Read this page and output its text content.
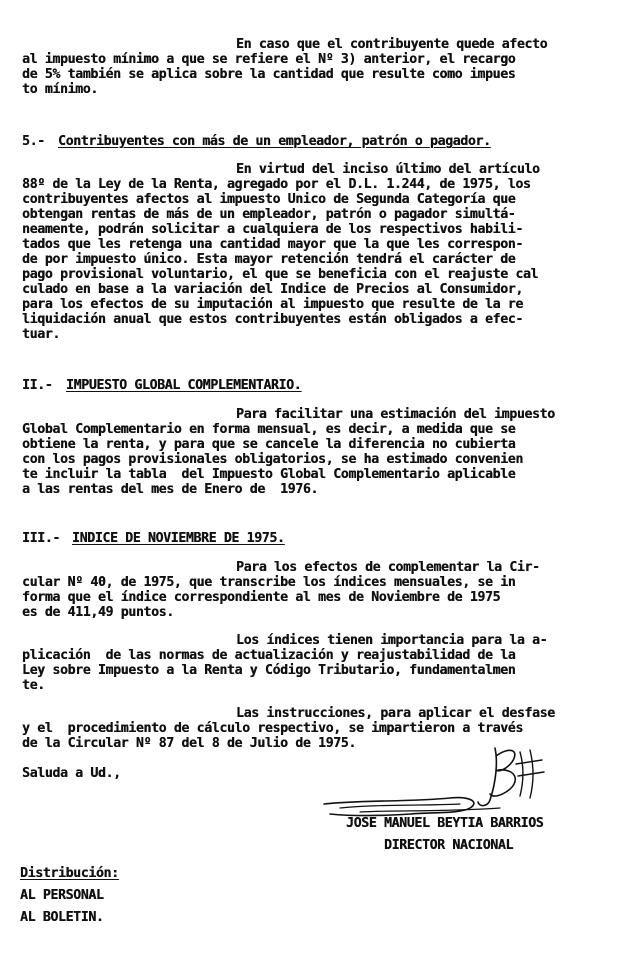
En caso que el contribuyente quede afecto
al impuesto mínimo a que se refiere el Nº 3) anterior, el recargo
de 5% también se aplica sobre la cantidad que resulte como impues
to mínimo.
5.- Contribuyentes con más de un empleador, patrón o pagador.
En virtud del inciso último del artículo
88º de la Ley de la Renta, agregado por el D.L. 1.244, de 1975, los
contribuyentes afectos al impuesto Unico de Segunda Categoría que
obtengan rentas de más de un empleador, patrón o pagador simultá-
neamente, podrán solicitar a cualquiera de los respectivos habili-
tados que les retenga una cantidad mayor que la que les correspon-
de por impuesto único. Esta mayor retención tendrá el carácter de
pago provisional voluntario, el que se beneficia con el reajuste cal
culado en base a la variación del Indice de Precios al Consumidor,
para los efectos de su imputación al impuesto que resulte de la re
liquidación anual que estos contribuyentes están obligados a efec-
tuar.
II.- IMPUESTO GLOBAL COMPLEMENTARIO.
Para facilitar una estimación del impuesto
Global Complementario en forma mensual, es decir, a medida que se
obtiene la renta, y para que se cancele la diferencia no cubierta
con los pagos provisionales obligatorios, se ha estimado convenien
te incluir la tabla  del Impuesto Global Complementario aplicable
a las rentas del mes de Enero de  1976.
III.- INDICE DE NOVIEMBRE DE 1975.
Para los efectos de complementar la Cir-
cular Nº 40, de 1975, que transcribe los índices mensuales, se in
forma que el índice correspondiente al mes de Noviembre de 1975
es de 411,49 puntos.
Los índices tienen importancia para la a-
plicación  de las normas de actualización y reajustabilidad de la
Ley sobre Impuesto a la Renta y Código Tributario, fundamentalmen
te.
Las instrucciones, para aplicar el desfase
y el  procedimiento de cálculo respectivo, se impartieron a través
de la Circular Nº 87 del 8 de Julio de 1975.
Saluda a Ud.,
JOSE MANUEL BEYTIA BARRIOS
DIRECTOR NACIONAL
Distribución:
AL PERSONAL
AL BOLETIN.
